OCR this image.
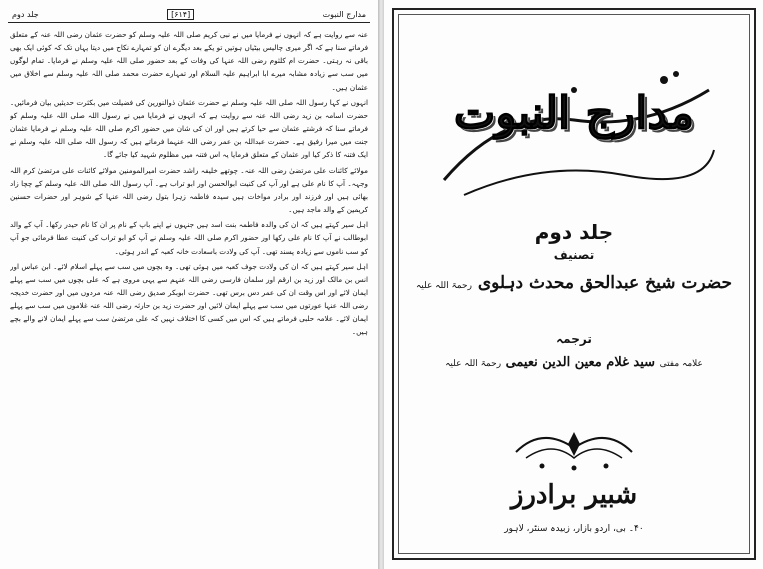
مدارج النبوت
[۶۱۴]
جلد دوم

عنہ سے روایت ہے کہ انہوں نے فرمایا میں نے نبی کریم صلی اللہ علیہ وسلم کو حضرت عثمان رضی اللہ عنہ کے متعلق فرماتے سنا ہے کہ اگر میری چالیس بیٹیاں ہوتیں تو یکے بعد دیگرے ان کو تمہارے نکاح میں دیتا یہاں تک کہ کوئی ایک بھی باقی نہ رہتی۔ حضرت ام کلثوم رضی اللہ عنہا کی وفات کے بعد حضور صلی اللہ علیہ وسلم نے فرمایا۔ تمام لوگوں میں سب سے زیادہ مشابہ میرے ابا ابراہیم علیہ السلام اور تمہارے حضرت محمد صلی اللہ علیہ وسلم سے اخلاق میں عثمان ہیں۔

انہوں نے کہا رسول اللہ صلی اللہ علیہ وسلم نے حضرت عثمان ذوالنورین کی فضیلت میں بکثرت حدیثیں بیان فرمائیں۔ حضرت اسامہ بن زید رضی اللہ عنہ سے روایت ہے کہ انہوں نے فرمایا میں نے رسول اللہ صلی اللہ علیہ وسلم کو فرماتے سنا کہ فرشتے عثمان سے حیا کرتے ہیں اور ان کی شان میں حضور اکرم صلی اللہ علیہ وسلم نے فرمایا عثمان جنت میں میرا رفیق ہے۔ حضرت عبداللہ بن عمر رضی اللہ عنہما فرماتے ہیں کہ رسول اللہ صلی اللہ علیہ وسلم نے ایک فتنہ کا ذکر کیا اور عثمان کے متعلق فرمایا یہ اس فتنہ میں مظلوم شہید کیا جائے گا۔

مولائے کائنات علی مرتضیٰ رضی اللہ عنہ۔ چوتھے خلیفہ راشد حضرت امیرالمومنین مولائے کائنات علی مرتضیٰ کرم اللہ وجہہ۔ آپ کا نام علی ہے اور آپ کی کنیت ابوالحسن اور ابو تراب ہے۔ آپ رسول اللہ صلی اللہ علیہ وسلم کے چچا زاد بھائی ہیں اور فرزند اور برادر مواخات ہیں سیدہ فاطمہ زہرا بتول رضی اللہ عنہا کے شوہر اور حضرات حسنین کریمین کے والد ماجد ہیں۔

اہل سیر کہتے ہیں کہ ان کی والدہ فاطمہ بنت اسد ہیں جنہوں نے اپنے باپ کے نام پر ان کا نام حیدر رکھا۔ آپ کے والد ابوطالب نے آپ کا نام علی رکھا اور حضور اکرم صلی اللہ علیہ وسلم نے آپ کو ابو تراب کی کنیت عطا فرمائی جو آپ کو سب ناموں سے زیادہ پسند تھی۔ آپ کی ولادت باسعادت خانہ کعبہ کے اندر ہوئی۔

اہل سیر کہتے ہیں کہ ان کی ولادت جوف کعبہ میں ہوئی تھی۔ وہ بچوں میں سب سے پہلے اسلام لائے۔ ابن عباس اور انس بن مالک اور زید بن ارقم اور سلمان فارسی رضی اللہ عنہم سے یہی مروی ہے کہ علی بچوں میں سب سے پہلے ایمان لائے اور اس وقت ان کی عمر دس برس تھی۔ حضرت ابوبکر صدیق رضی اللہ عنہ مردوں میں اور حضرت خدیجہ رضی اللہ عنہا عورتوں میں سب سے پہلے ایمان لائیں اور حضرت زید بن حارثہ رضی اللہ عنہ غلاموں میں سب سے پہلے ایمان لائے۔ علامہ حلبی فرماتے ہیں کہ اس میں کسی کا اختلاف نہیں کہ علی مرتضیٰ سب سے پہلے ایمان لانے والے بچے ہیں۔

مدارج النبوت
جلد دوم
تصنیف
حضرت شیخ عبدالحق محدث دہلوی رحمۃ اللہ علیہ
ترجمہ
علامہ مفتی سید غلام معین الدین نعیمی رحمۃ اللہ علیہ
شبیر برادرز
۴۰۔ بی، اردو بازار، زبیدہ سنٹر، لاہور
